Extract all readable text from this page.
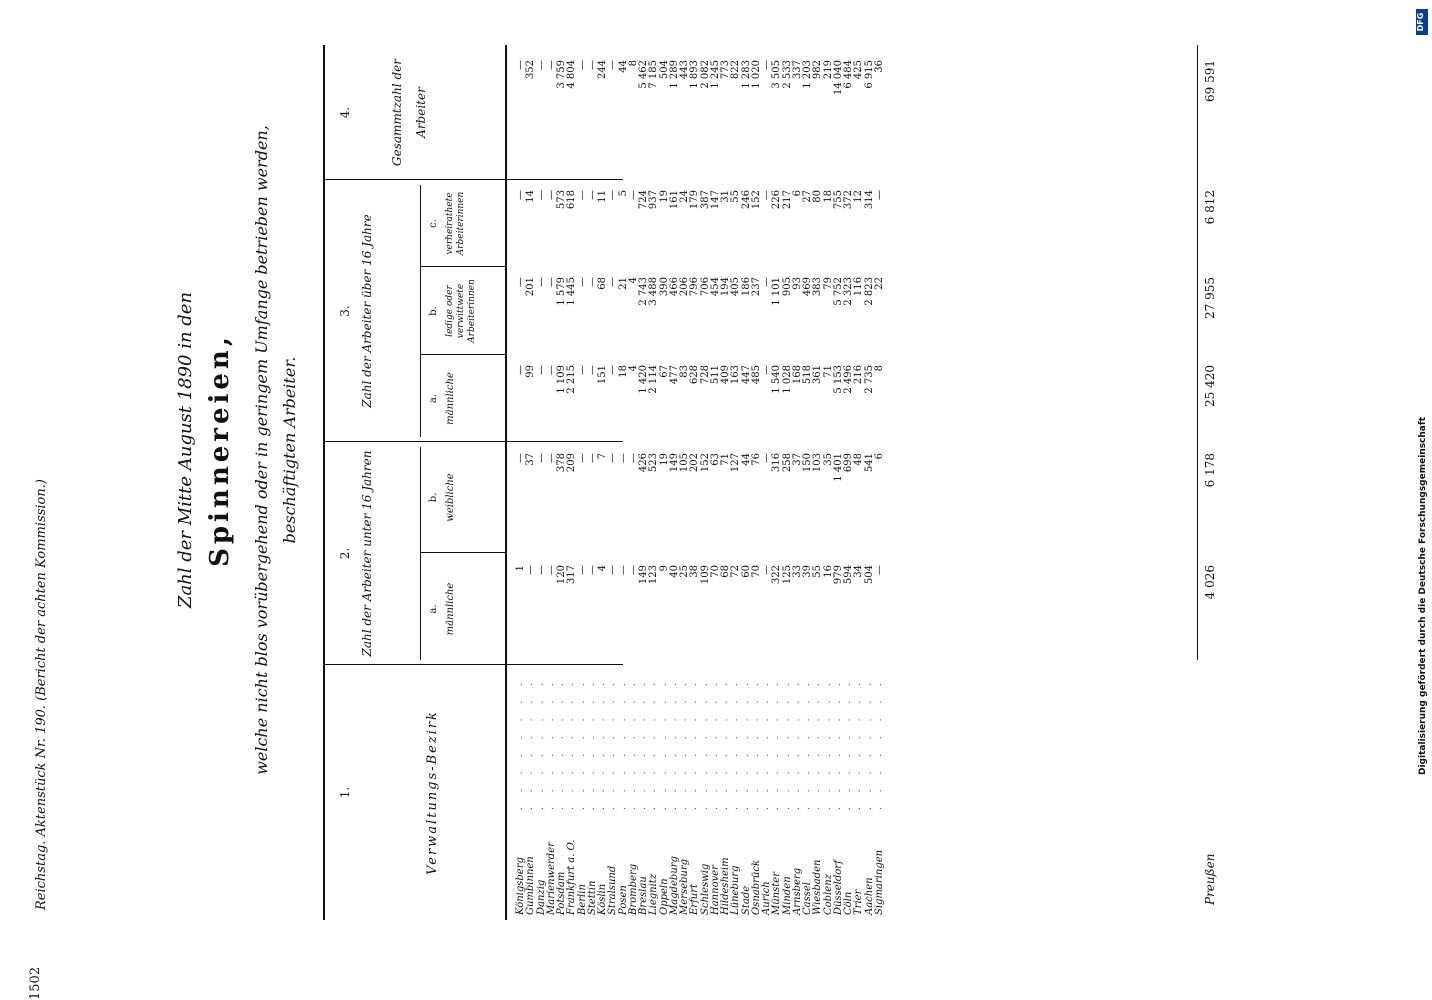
1502
Reichstag. Aktenstück Nr. 190. (Bericht der achten Kommission.)
Zahl der Mitte August 1890 in den Spinnereien, welche nicht blos vorübergehend oder in geringem Umfange betrieben werden, beschäftigten Arbeiter.
1.
2.
3.
4.
Verwaltungs-Bezirk
Zahl der Arbeiter unter 16 Jahren	a. männliche
b. weibliche
Zahl der Arbeiter über 16 Jahre	a. männliche
b. ledige oder verwittwete Arbeiterinnen
c. verheirathete Arbeiterinnen
Gesammtzahl der Arbeiter
Königsberg
. . . . . . . .
1
—
—
—
—
—
Gumbinnen
. . . . . . . .
—
37
99
201
14
352
Danzig
. . . . . . . .
—
—
—
—
—
—
Marienwerder
. . . . . . . .
—
—
—
—
—
—
Potsdam
. . . . . . . .
120
378
1 109
1 579
573
3 759
Frankfurt a. O.
. . . . . . . .
317
209
2 215
1 445
618
4 804
Berlin
. . . . . . . .
—
—
—
—
—
—
Stettin
. . . . . . . .
—
—
—
—
—
—
Köslin
. . . . . . . .
4
7
151
68
11
244
Stralsund
. . . . . . . .
—
—
—
—
—
—
Posen
. . . . . . . .
—
—
18
21
5
44
Bromberg
. . . . . . . .
—
—
4
4
—
8
Breslau
. . . . . . . .
149
426
1 420
2 743
724
5 462
Liegnitz
. . . . . . . .
123
523
2 114
3 488
937
7 185
Oppeln
. . . . . . . .
9
19
67
390
19
504
Magdeburg
. . . . . . . .
40
149
477
466
161
1 289
Merseburg
. . . . . . . .
25
105
83
206
24
443
Erfurt
. . . . . . . .
38
202
628
796
179
1 893
Schleswig
. . . . . . . .
109
152
728
706
387
2 082
Hannover
. . . . . . . .
70
63
511
454
147
1 245
Hildesheim
. . . . . . . .
68
71
409
194
31
773
Lüneburg
. . . . . . . .
72
127
163
405
55
822
Stade
. . . . . . . .
60
44
447
186
246
1 283
Osnabrück
. . . . . . . .
70
76
485
237
152
1 020
Aurich
. . . . . . . .
—
—
—
—
—
—
Münster
. . . . . . . .
322
316
1 540
1 101
226
3 505
Minden
. . . . . . . .
125
258
1 028
905
217
2 533
Arnsberg
. . . . . . . .
33
37
168
93
6
337
Cassel
. . . . . . . .
39
150
518
469
27
1 203
Wiesbaden
. . . . . . . .
55
103
361
383
80
982
Coblenz
. . . . . . . .
16
35
71
79
18
219
Düsseldorf
. . . . . . . .
979
1 401
5 153
5 752
755
14 040
Cöln
. . . . . . . .
594
699
2 496
2 323
372
6 484
Trier
. . . . . . . .
34
48
216
116
12
425
Aachen
. . . . . . . .
504
541
2 735
2 823
314
6 915
Sigmaringen
. . . . . . . .
—
6
8
22
—
36
Preußen
4 026
6 178
25 420
27 955
6 812
69 591
Digitalisierung gefördert durch die Deutsche Forschungsgemeinschaft
DFG
